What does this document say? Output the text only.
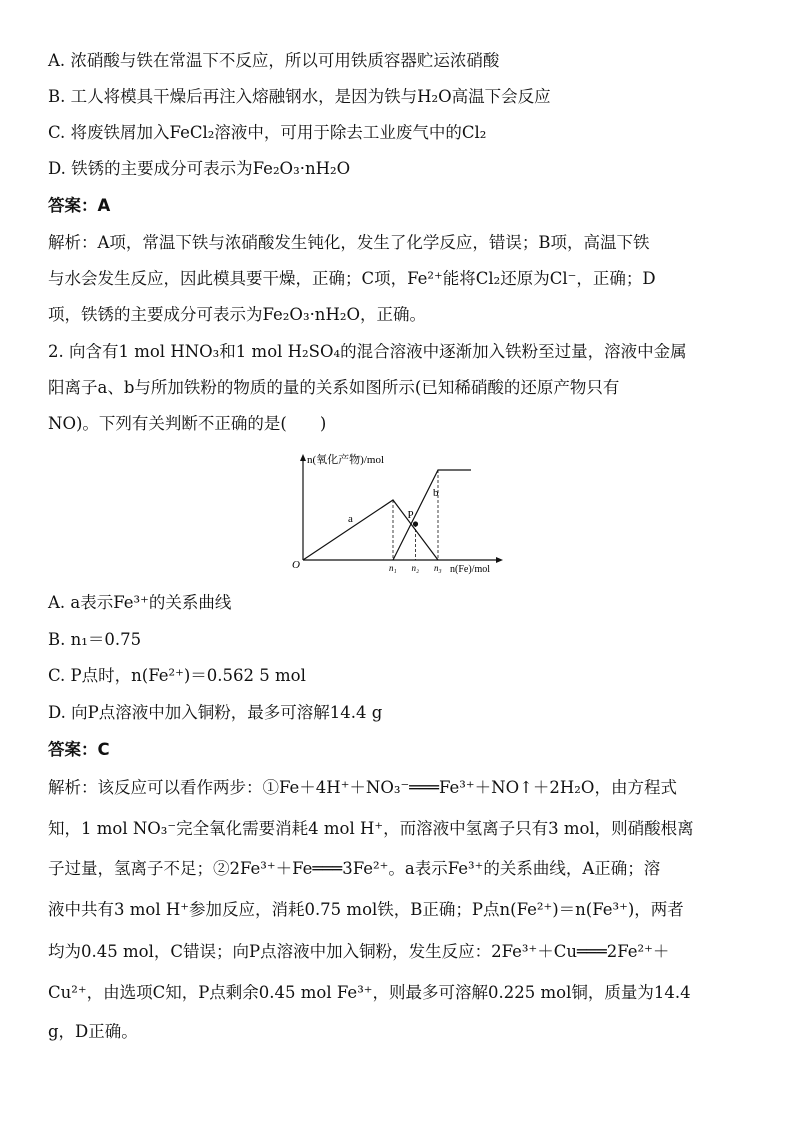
A. 浓硝酸与铁在常温下不反应，所以可用铁质容器贮运浓硝酸
B. 工人将模具干燥后再注入熔融钢水，是因为铁与H₂O高温下会反应
C. 将废铁屑加入FeCl₂溶液中，可用于除去工业废气中的Cl₂
D. 铁锈的主要成分可表示为Fe₂O₃·nH₂O
答案：A
解析：A项，常温下铁与浓硝酸发生钝化，发生了化学反应，错误；B项，高温下铁
与水会发生反应，因此模具要干燥，正确；C项，Fe²⁺能将Cl₂还原为Cl⁻，正确；D
项，铁锈的主要成分可表示为Fe₂O₃·nH₂O，正确。
2. 向含有1 mol HNO₃和1 mol H₂SO₄的混合溶液中逐渐加入铁粉至过量，溶液中金属
阳离子a、b与所加铁粉的物质的量的关系如图所示(已知稀硝酸的还原产物只有
NO)。下列有关判断不正确的是(　　)
n(氧化产物)/mol
n(Fe)/mol
O
a
b
P
n₁ n₂ n₃
A. a表示Fe³⁺的关系曲线
B. n₁＝0.75
C. P点时，n(Fe²⁺)＝0.562 5 mol
D. 向P点溶液中加入铜粉，最多可溶解14.4 g
答案：C
解析：该反应可以看作两步：①Fe＋4H⁺＋NO₃⁻═══Fe³⁺＋NO↑＋2H₂O，由方程式
知，1 mol NO₃⁻完全氧化需要消耗4 mol H⁺，而溶液中氢离子只有3 mol，则硝酸根离
子过量，氢离子不足；②2Fe³⁺＋Fe═══3Fe²⁺。a表示Fe³⁺的关系曲线，A正确；溶
液中共有3 mol H⁺参加反应，消耗0.75 mol铁，B正确；P点n(Fe²⁺)＝n(Fe³⁺)，两者
均为0.45 mol，C错误；向P点溶液中加入铜粉，发生反应：2Fe³⁺＋Cu═══2Fe²⁺＋
Cu²⁺，由选项C知，P点剩余0.45 mol Fe³⁺，则最多可溶解0.225 mol铜，质量为14.4
g，D正确。
